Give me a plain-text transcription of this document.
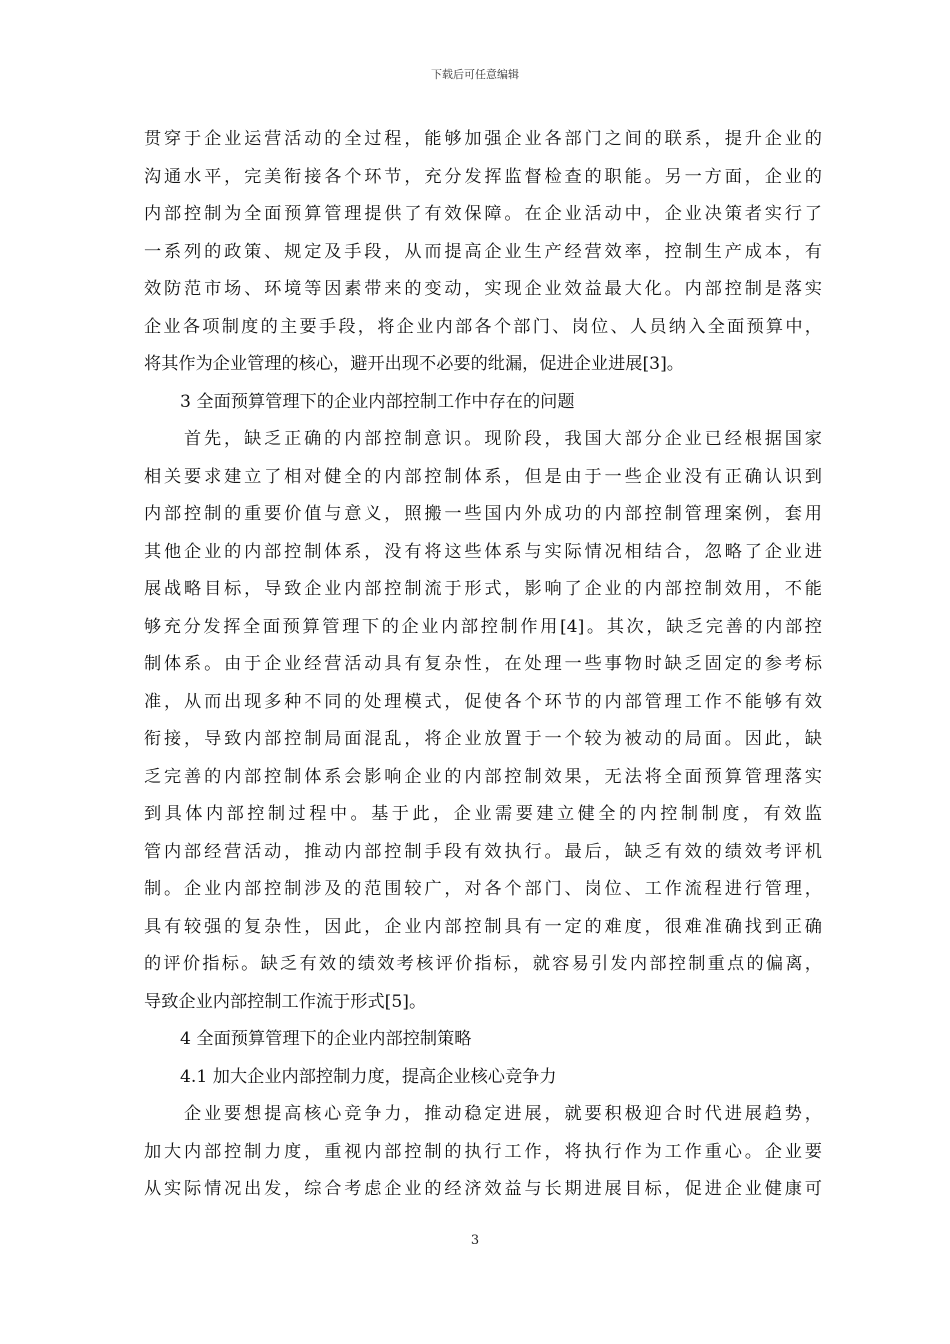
下载后可任意编辑
贯穿于企业运营活动的全过程，能够加强企业各部门之间的联系，提升企业的
沟通水平，完美衔接各个环节，充分发挥监督检查的职能。另一方面，企业的
内部控制为全面预算管理提供了有效保障。在企业活动中，企业决策者实行了
一系列的政策、规定及手段，从而提高企业生产经营效率，控制生产成本，有
效防范市场、环境等因素带来的变动，实现企业效益最大化。内部控制是落实
企业各项制度的主要手段，将企业内部各个部门、岗位、人员纳入全面预算中，
将其作为企业管理的核心，避开出现不必要的纰漏，促进企业进展[3]。
3 全面预算管理下的企业内部控制工作中存在的问题
首先，缺乏正确的内部控制意识。现阶段，我国大部分企业已经根据国家
相关要求建立了相对健全的内部控制体系，但是由于一些企业没有正确认识到
内部控制的重要价值与意义，照搬一些国内外成功的内部控制管理案例，套用
其他企业的内部控制体系，没有将这些体系与实际情况相结合，忽略了企业进
展战略目标，导致企业内部控制流于形式，影响了企业的内部控制效用，不能
够充分发挥全面预算管理下的企业内部控制作用[4]。其次，缺乏完善的内部控
制体系。由于企业经营活动具有复杂性，在处理一些事物时缺乏固定的参考标
准，从而出现多种不同的处理模式，促使各个环节的内部管理工作不能够有效
衔接，导致内部控制局面混乱，将企业放置于一个较为被动的局面。因此，缺
乏完善的内部控制体系会影响企业的内部控制效果，无法将全面预算管理落实
到具体内部控制过程中。基于此，企业需要建立健全的内控制制度，有效监
管内部经营活动，推动内部控制手段有效执行。最后，缺乏有效的绩效考评机
制。企业内部控制涉及的范围较广，对各个部门、岗位、工作流程进行管理，
具有较强的复杂性，因此，企业内部控制具有一定的难度，很难准确找到正确
的评价指标。缺乏有效的绩效考核评价指标，就容易引发内部控制重点的偏离，
导致企业内部控制工作流于形式[5]。
4 全面预算管理下的企业内部控制策略
4.1 加大企业内部控制力度，提高企业核心竞争力
企业要想提高核心竞争力，推动稳定进展，就要积极迎合时代进展趋势，
加大内部控制力度，重视内部控制的执行工作，将执行作为工作重心。企业要
从实际情况出发，综合考虑企业的经济效益与长期进展目标，促进企业健康可
3
